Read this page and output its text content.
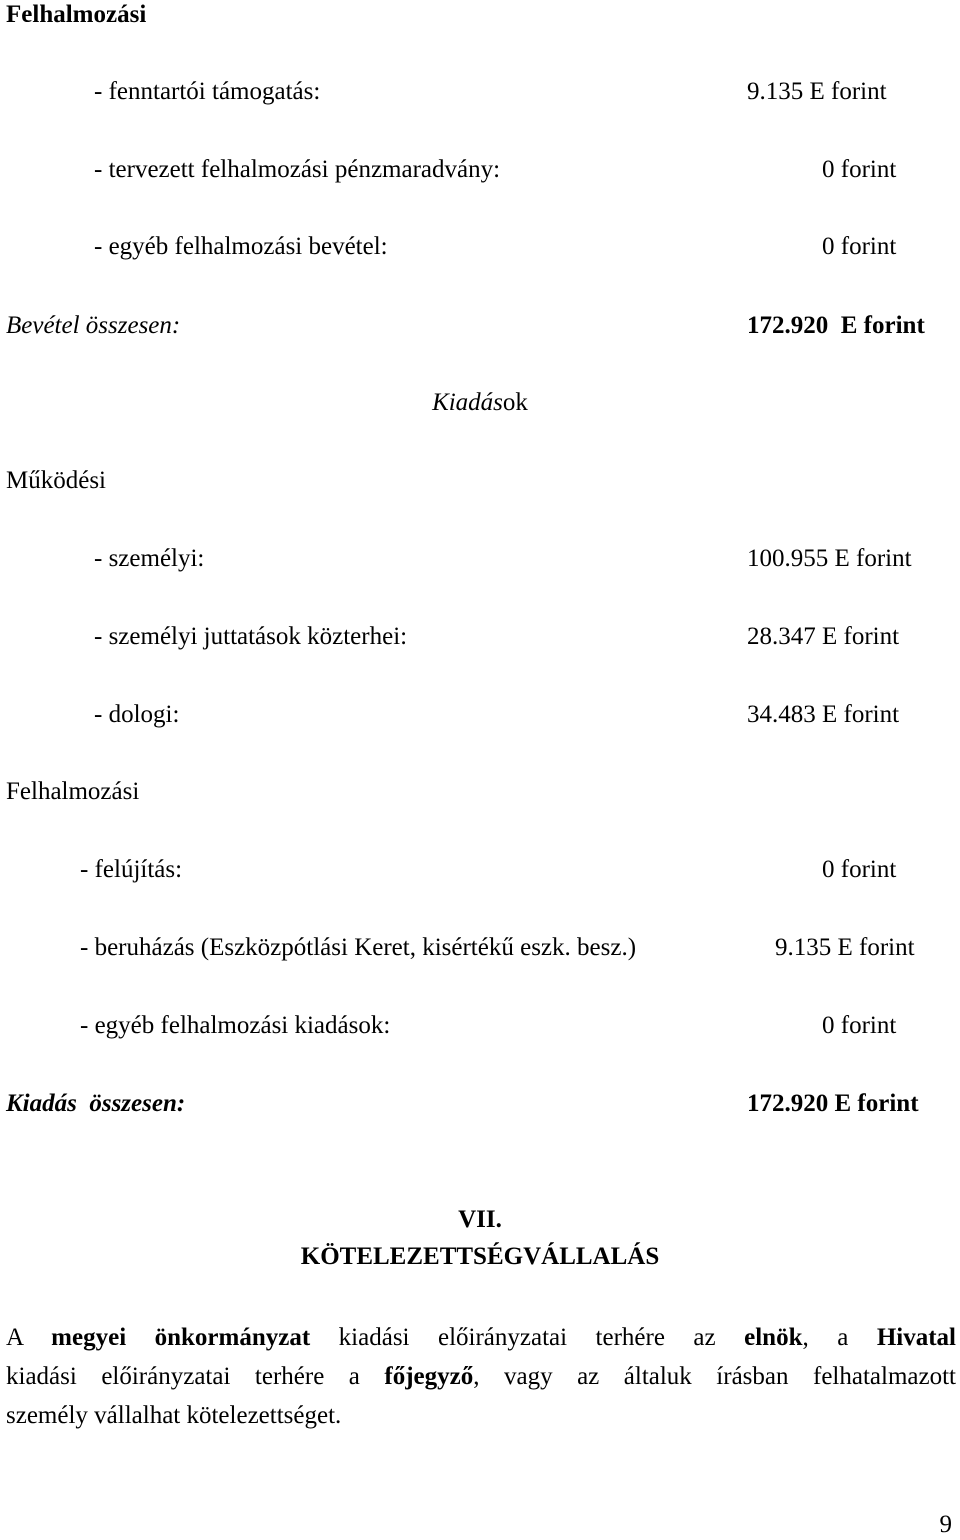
Felhalmozási
- fenntartói támogatás:	9.135 E forint
- tervezett felhalmozási pénzmaradvány:	0 forint
- egyéb felhalmozási bevétel:	0 forint
Bevétel összesen:	172.920  E forint
Kiadások
Működési
- személyi:	100.955 E forint
- személyi juttatások közterhei:	28.347 E forint
- dologi:	34.483 E forint
Felhalmozási
- felújítás:	0 forint
- beruházás (Eszközpótlási Keret, kisértékű eszk. besz.)	9.135 E forint
- egyéb felhalmozási kiadások:	0 forint
Kiadás  összesen:	172.920 E forint
VII.
KÖTELEZETTSÉGVÁLLALÁS
A megyei önkormányzat kiadási előirányzatai terhére az elnök, a Hivatal
kiadási előirányzatai terhére a főjegyző, vagy az általuk írásban felhatalmazott
személy vállalhat kötelezettséget.
9
